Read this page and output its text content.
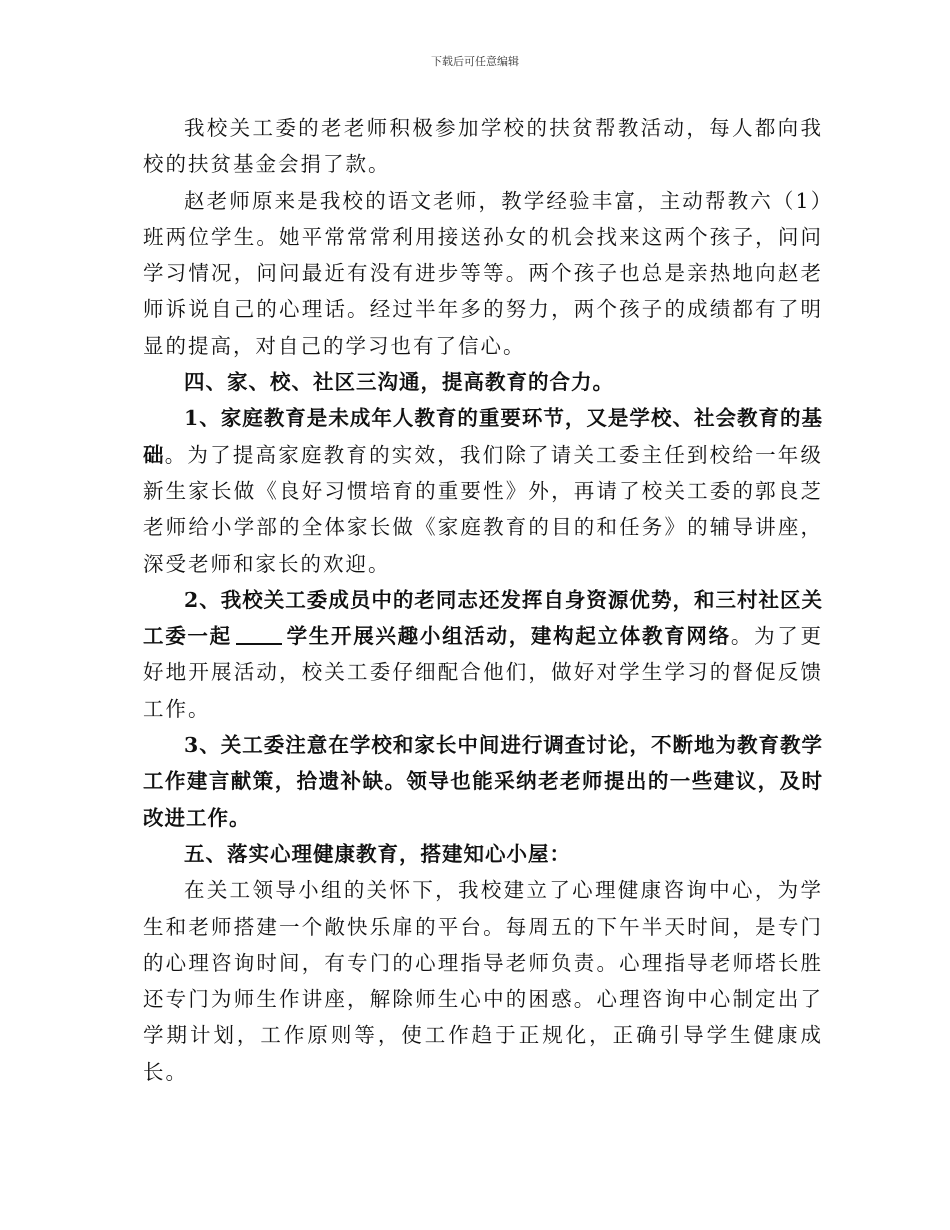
下载后可任意编辑

我校关工委的老老师积极参加学校的扶贫帮教活动，每人都向我校的扶贫基金会捐了款。

赵老师原来是我校的语文老师，教学经验丰富，主动帮教六（1）班两位学生。她平常常常利用接送孙女的机会找来这两个孩子，问问学习情况，问问最近有没有进步等等。两个孩子也总是亲热地向赵老师诉说自己的心理话。经过半年多的努力，两个孩子的成绩都有了明显的提高，对自己的学习也有了信心。

四、家、校、社区三沟通，提高教育的合力。

1、家庭教育是未成年人教育的重要环节，又是学校、社会教育的基础。为了提高家庭教育的实效，我们除了请关工委主任到校给一年级新生家长做《良好习惯培育的重要性》外，再请了校关工委的郭良芝老师给小学部的全体家长做《家庭教育的目的和任务》的辅导讲座，深受老师和家长的欢迎。

2、我校关工委成员中的老同志还发挥自身资源优势，和三村社区关工委一起	学生开展兴趣小组活动，建构起立体教育网络。为了更好地开展活动，校关工委仔细配合他们，做好对学生学习的督促反馈工作。

3、关工委注意在学校和家长中间进行调查讨论，不断地为教育教学工作建言献策，拾遗补缺。领导也能采纳老老师提出的一些建议，及时改进工作。

五、落实心理健康教育，搭建知心小屋：

在关工领导小组的关怀下，我校建立了心理健康咨询中心，为学生和老师搭建一个敞快乐扉的平台。每周五的下午半天时间，是专门的心理咨询时间，有专门的心理指导老师负责。心理指导老师塔长胜还专门为师生作讲座，解除师生心中的困惑。心理咨询中心制定出了学期计划，工作原则等，使工作趋于正规化，正确引导学生健康成长。
